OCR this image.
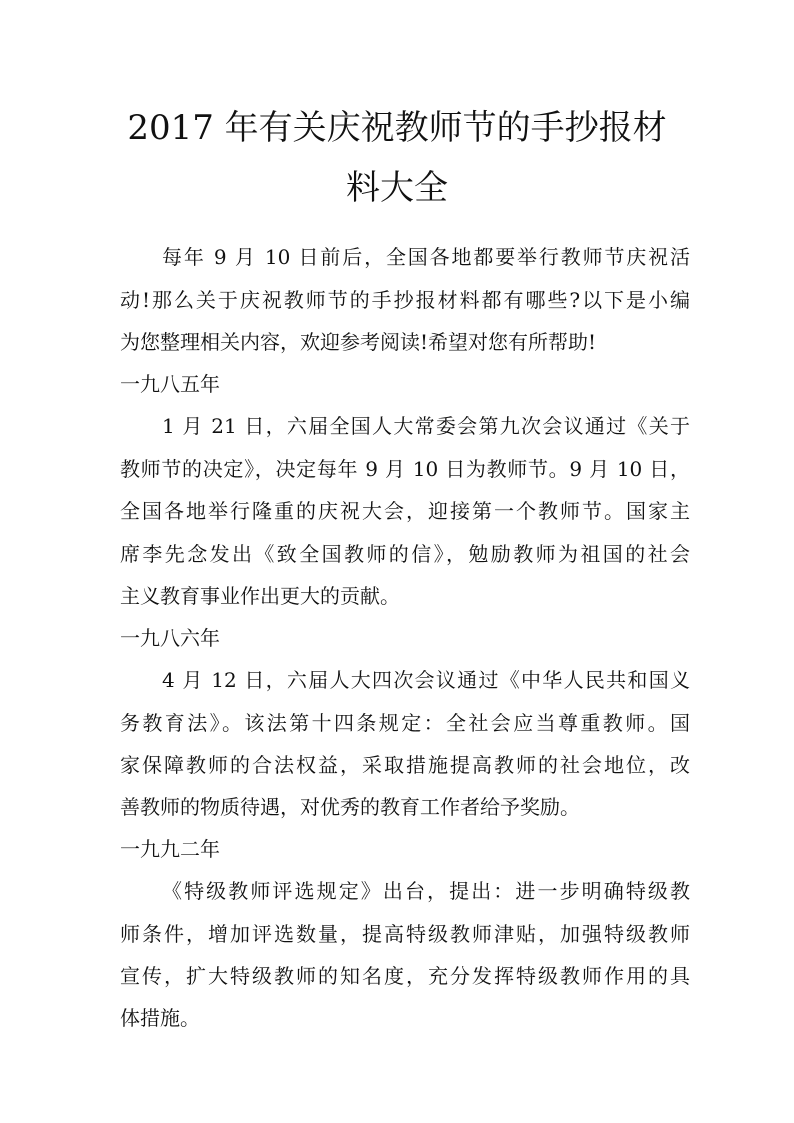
2017 年有关庆祝教师节的手抄报材
料大全

每年 9 月 10 日前后，全国各地都要举行教师节庆祝活

动!那么关于庆祝教师节的手抄报材料都有哪些?以下是小编

为您整理相关内容，欢迎参考阅读!希望对您有所帮助!

一九八五年

1 月 21 日，六届全国人大常委会第九次会议通过《关于

教师节的决定》，决定每年 9 月 10 日为教师节。9 月 10 日，

全国各地举行隆重的庆祝大会，迎接第一个教师节。国家主

席李先念发出《致全国教师的信》，勉励教师为祖国的社会

主义教育事业作出更大的贡献。

一九八六年

4 月 12 日，六届人大四次会议通过《中华人民共和国义

务教育法》。该法第十四条规定：全社会应当尊重教师。国

家保障教师的合法权益，采取措施提高教师的社会地位，改

善教师的物质待遇，对优秀的教育工作者给予奖励。

一九九二年

《特级教师评选规定》出台，提出：进一步明确特级教

师条件，增加评选数量，提高特级教师津贴，加强特级教师

宣传，扩大特级教师的知名度，充分发挥特级教师作用的具

体措施。
